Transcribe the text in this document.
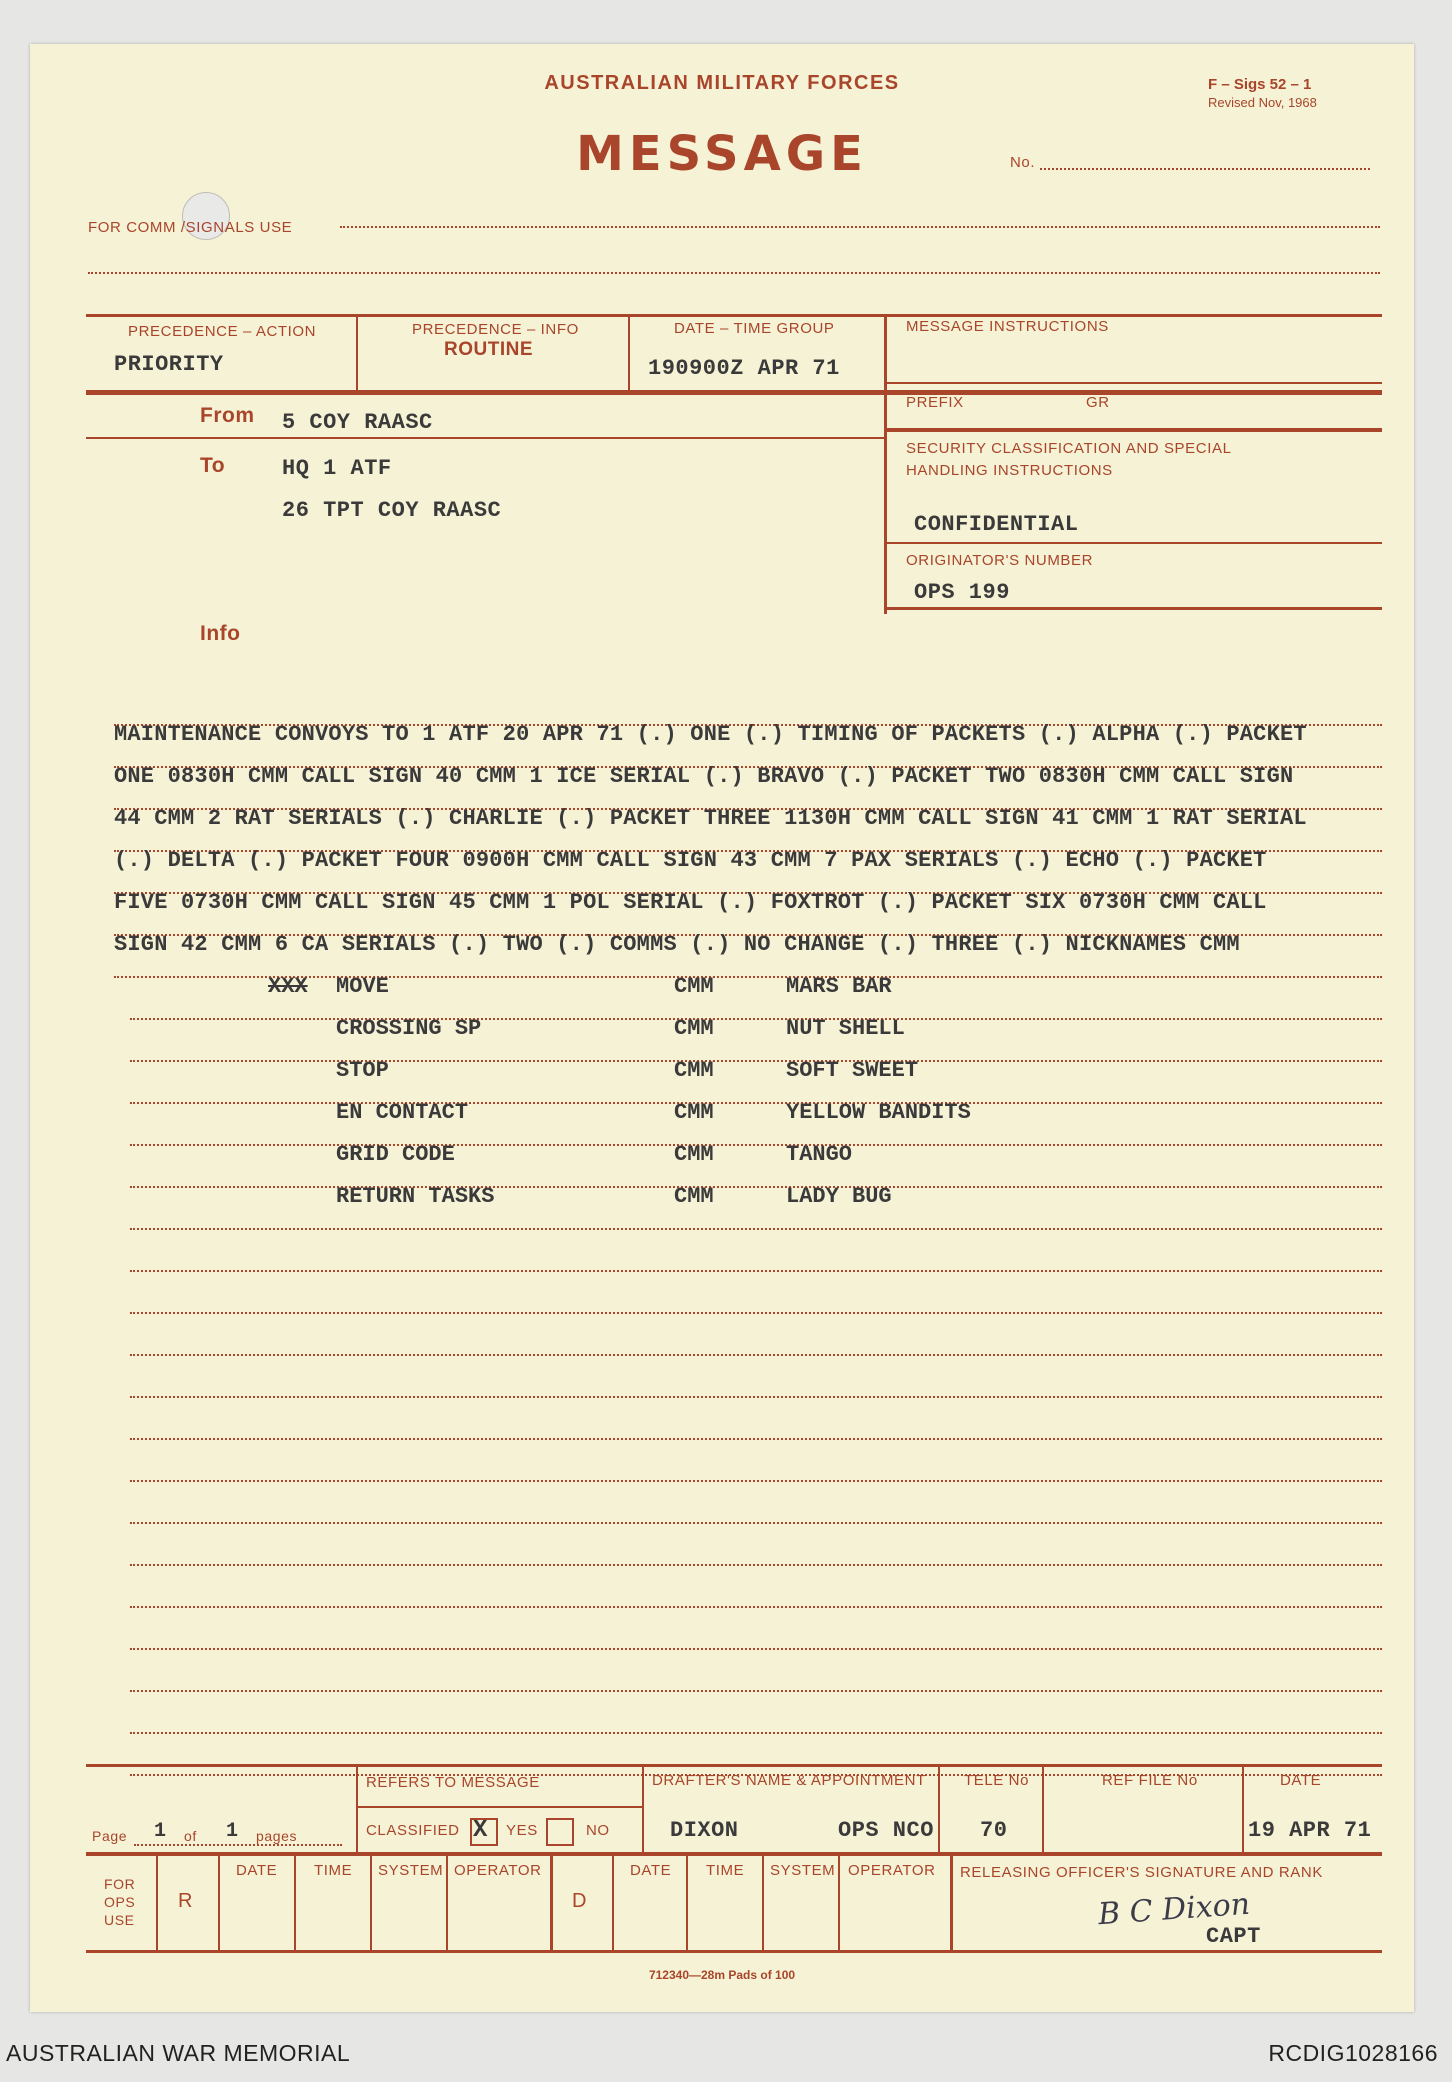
AUSTRALIAN MILITARY FORCES	F – Sigs 52 – 1
Revised Nov, 1968
MESSAGE	No.
FOR COMM /SIGNALS USE
PRECEDENCE – ACTION
PRIORITY
PRECEDENCE – INFO
ROUTINE
DATE – TIME GROUP
190900Z APR 71
MESSAGE INSTRUCTIONS
PREFIX	GR
From 5 COY RAASC
To	HQ 1 ATF
26 TPT COY RAASC
Info
SECURITY CLASSIFICATION AND SPECIAL
HANDLING INSTRUCTIONS
CONFIDENTIAL
ORIGINATOR'S NUMBER
OPS 199
MAINTENANCE CONVOYS TO 1 ATF 20 APR 71 (.) ONE (.) TIMING OF PACKETS (.) ALPHA (.) PACKET
ONE 0830H CMM CALL SIGN 40 CMM 1 ICE SERIAL (.) BRAVO (.) PACKET TWO 0830H CMM CALL SIGN
44 CMM 2 RAT SERIALS (.) CHARLIE (.) PACKET THREE 1130H CMM CALL SIGN 41 CMM 1 RAT SERIAL
(.) DELTA (.) PACKET FOUR 0900H CMM CALL SIGN 43 CMM 7 PAX SERIALS (.) ECHO (.) PACKET
FIVE 0730H CMM CALL SIGN 45 CMM 1 POL SERIAL (.) FOXTROT (.) PACKET SIX 0730H CMM CALL
SIGN 42 CMM 6 CA SERIALS (.) TWO (.) COMMS (.) NO CHANGE (.) THREE (.) NICKNAMES CMM
XXX MOVE	CMM	MARS BAR
CROSSING SP	CMM	NUT SHELL
STOP	CMM	SOFT SWEET
EN CONTACT	CMM	YELLOW BANDITS
GRID CODE	CMM	TANGO
RETURN TASKS	CMM	LADY BUG
Page 1 of 1 pages
REFERS TO MESSAGE
CLASSIFIED X YES	NO
DRAFTER'S NAME & APPOINTMENT
DIXON	OPS NCO
TELE No
70
REF FILE No	DATE
19 APR 71
FOR
OPS
USE
R
DATE TIME SYSTEM OPERATOR
D
DATE TIME SYSTEM OPERATOR RELEASING OFFICER'S SIGNATURE AND RANK
B C Dixon
CAPT
712340—28m Pads of 100
AUSTRALIAN WAR MEMORIAL	RCDIG1028166
